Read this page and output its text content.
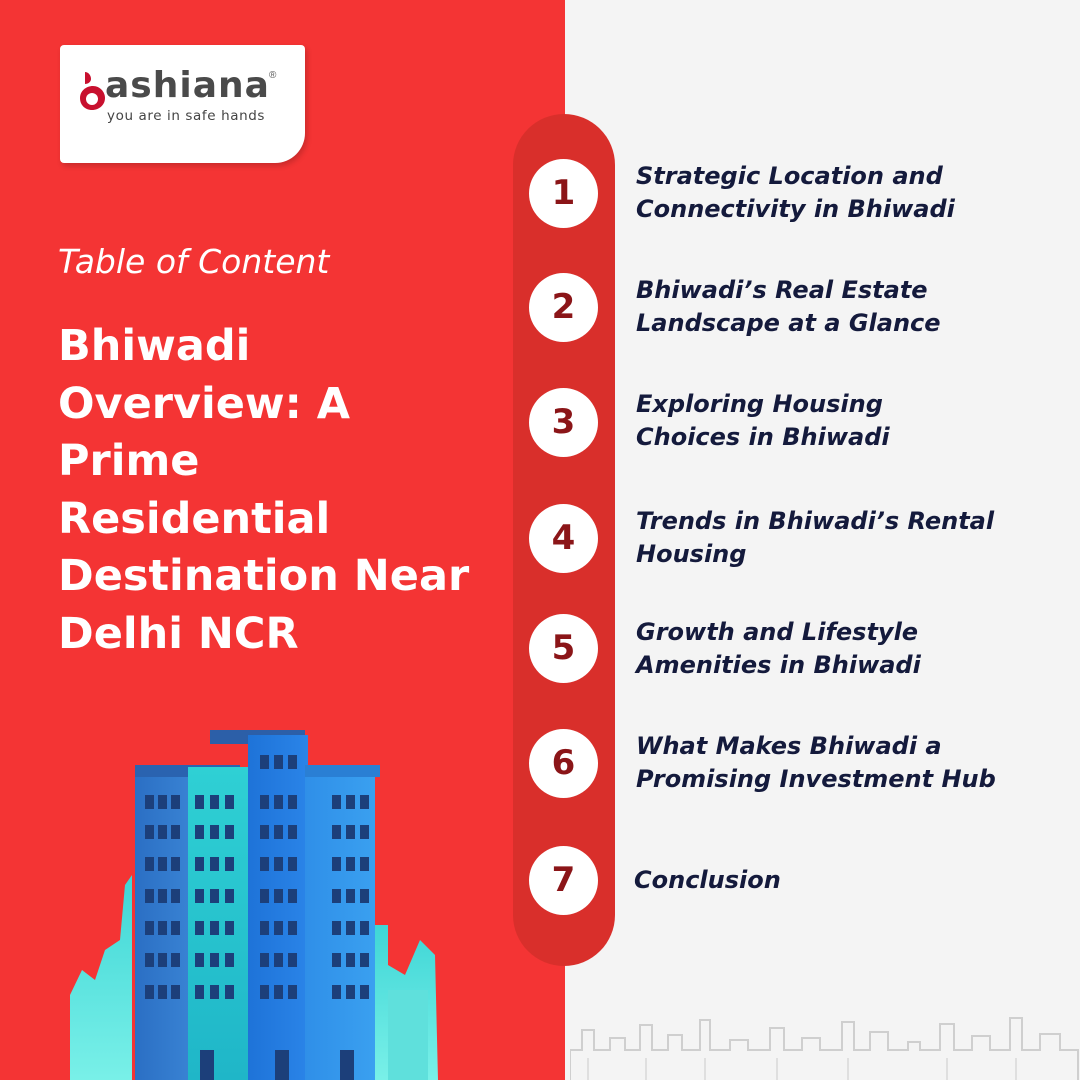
ashiana ®
you are in safe hands
Table of Content
Bhiwadi Overview: A Prime Residential Destination Near Delhi NCR
1
2
3
4
5
6
7
Strategic Location and Connectivity in Bhiwadi
Bhiwadi’s Real Estate Landscape at a Glance
Exploring Housing Choices in Bhiwadi
Trends in Bhiwadi’s Rental Housing
Growth and Lifestyle Amenities in Bhiwadi
What Makes Bhiwadi a Promising Investment Hub
Conclusion
